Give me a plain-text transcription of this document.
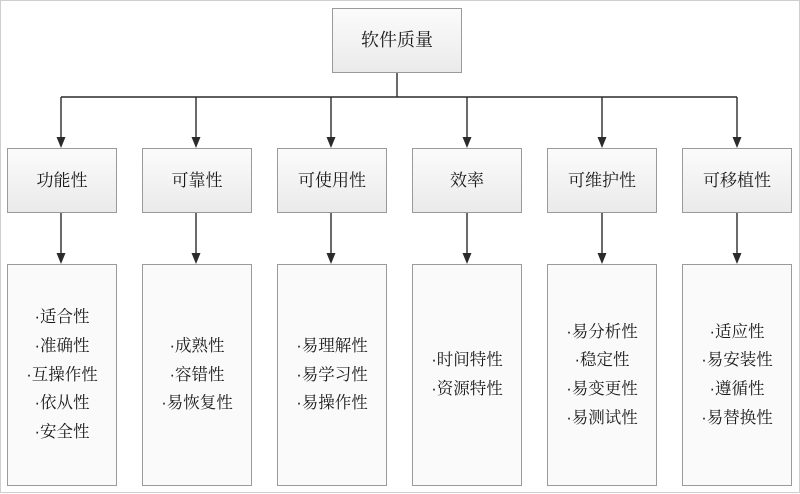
软件质量
功能性	可靠性	可使用性	效率	可维护性	可移植性
·适合性
·准确性
·互操作性
·依从性
·安全性
·成熟性
·容错性
·易恢复性
·易理解性
·易学习性
·易操作性
·时间特性
·资源特性
·易分析性
·稳定性
·易变更性
·易测试性
·适应性
·易安装性
·遵循性
·易替换性
